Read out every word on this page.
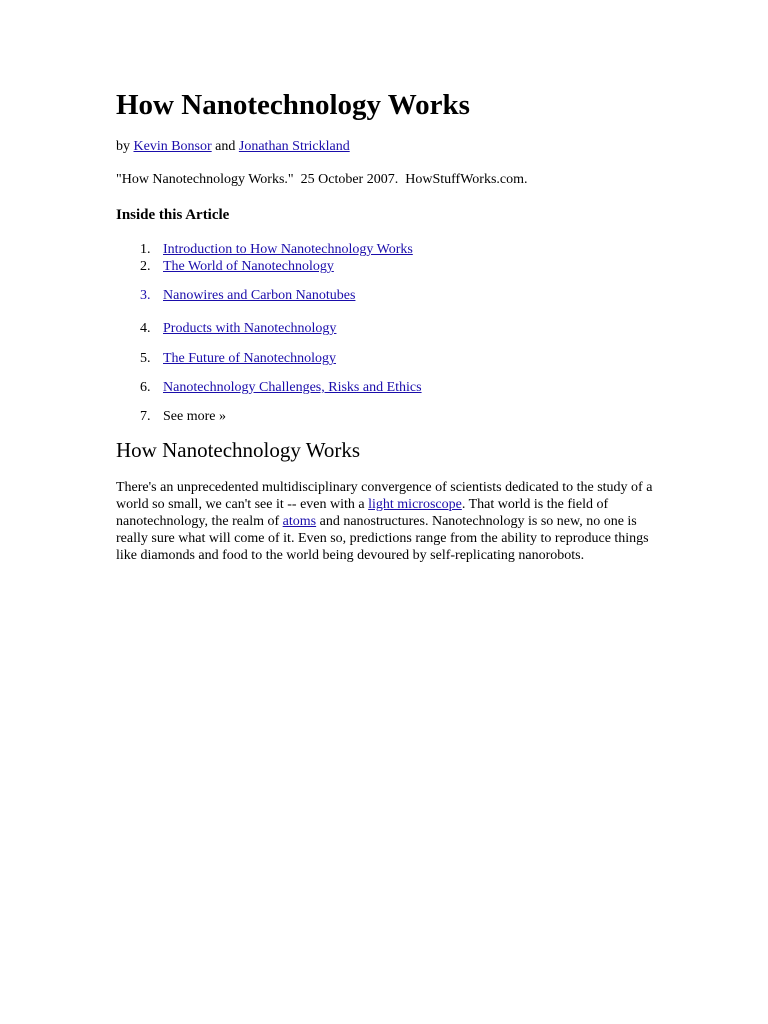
How Nanotechnology Works
by Kevin Bonsor and Jonathan Strickland
"How Nanotechnology Works."  25 October 2007.  HowStuffWorks.com.
Inside this Article
1. Introduction to How Nanotechnology Works
2. The World of Nanotechnology
3. Nanowires and Carbon Nanotubes
4. Products with Nanotechnology
5. The Future of Nanotechnology
6. Nanotechnology Challenges, Risks and Ethics
7. See more »
How Nanotechnology Works

There's an unprecedented multidisciplinary convergence of scientists dedicated to the study of a world so small, we can't see it -- even with a light microscope. That world is the field of nanotechnology, the realm of atoms and nanostructures. Nanotechnology is so new, no one is really sure what will come of it. Even so, predictions range from the ability to reproduce things like diamonds and food to the world being devoured by self-replicating nanorobots.
